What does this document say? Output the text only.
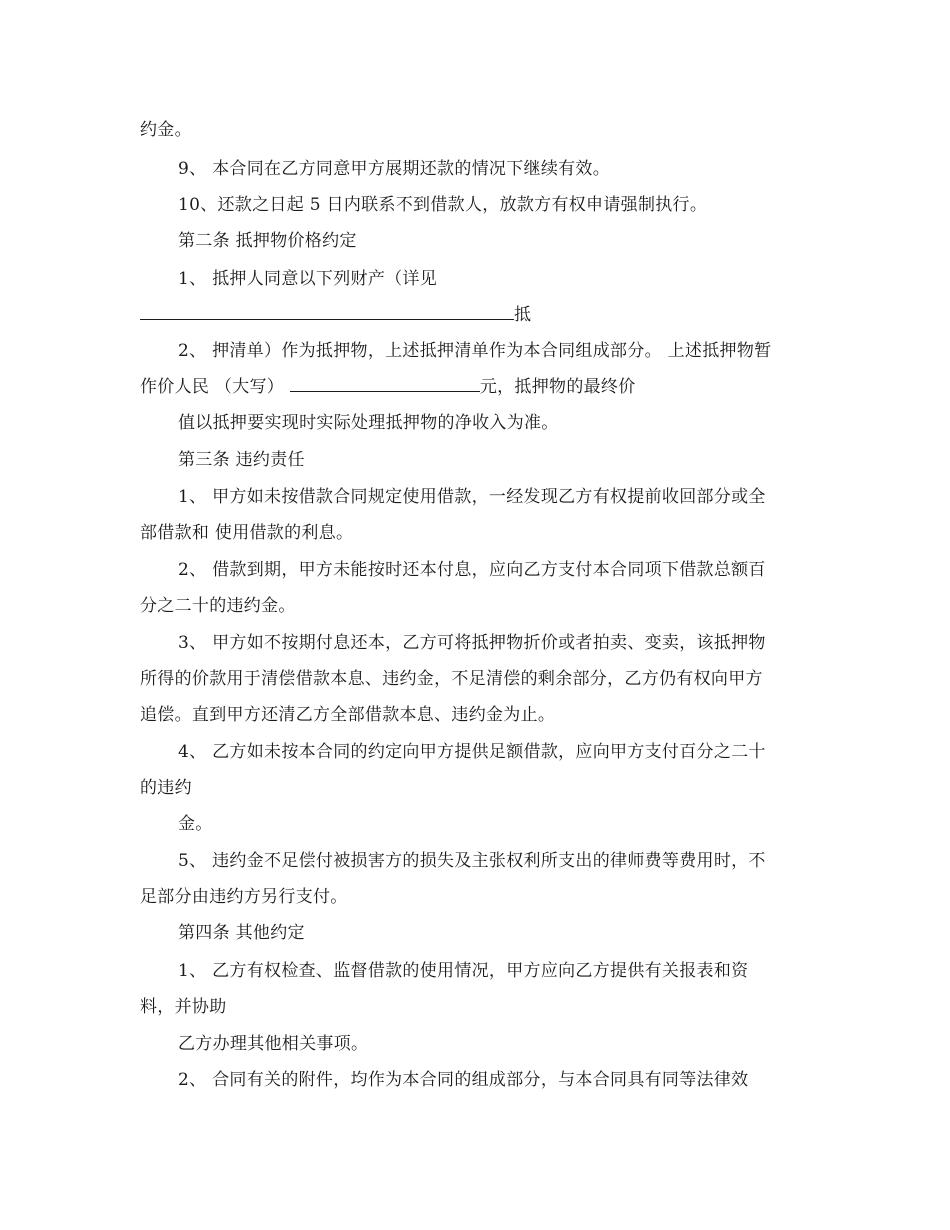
约金。
9、 本合同在乙方同意甲方展期还款的情况下继续有效。
10、还款之日起 5 日内联系不到借款人，放款方有权申请强制执行。
第二条 抵押物价格约定
1、 抵押人同意以下列财产（详见
抵
2、 押清单）作为抵押物，上述抵押清单作为本合同组成部分。 上述抵押物暂
作价人民 （大写）	元，抵押物的最终价
值以抵押要实现时实际处理抵押物的净收入为准。
第三条 违约责任
1、 甲方如未按借款合同规定使用借款，一经发现乙方有权提前收回部分或全
部借款和 使用借款的利息。
2、 借款到期，甲方未能按时还本付息，应向乙方支付本合同项下借款总额百
分之二十的违约金。
3、 甲方如不按期付息还本，乙方可将抵押物折价或者拍卖、变卖，该抵押物
所得的价款用于清偿借款本息、违约金，不足清偿的剩余部分，乙方仍有权向甲方
追偿。直到甲方还清乙方全部借款本息、违约金为止。
4、 乙方如未按本合同的约定向甲方提供足额借款，应向甲方支付百分之二十
的违约
金。
5、 违约金不足偿付被损害方的损失及主张权利所支出的律师费等费用时，不
足部分由违约方另行支付。
第四条 其他约定
1、 乙方有权检查、监督借款的使用情况，甲方应向乙方提供有关报表和资
料，并协助
乙方办理其他相关事项。
2、 合同有关的附件，均作为本合同的组成部分，与本合同具有同等法律效
